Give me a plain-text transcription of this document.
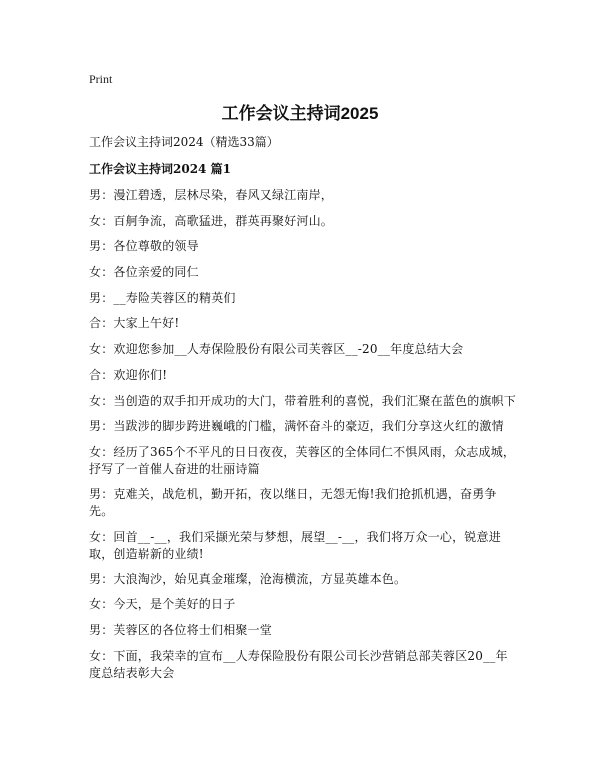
Print
工作会议主持词2025
工作会议主持词2024（精选33篇）
工作会议主持词2024 篇1
男：漫江碧透，层林尽染，春风又绿江南岸，
女：百舸争流，高歌猛进，群英再聚好河山。
男：各位尊敬的领导
女：各位亲爱的同仁
男：__寿险芙蓉区的精英们
合：大家上午好!
女：欢迎您参加__人寿保险股份有限公司芙蓉区__-20__年度总结大会
合：欢迎你们!
女：当创造的双手扣开成功的大门，带着胜利的喜悦，我们汇聚在蓝色的旗帜下
男：当跋涉的脚步跨进巍峨的门槛，满怀奋斗的豪迈，我们分享这火红的激情
女：经历了365个不平凡的日日夜夜，芙蓉区的全体同仁不惧风雨，众志成城，抒写了一首催人奋进的壮丽诗篇
男：克难关，战危机，勤开拓，夜以继日，无怨无悔!我们抢抓机遇，奋勇争先。
女：回首__-__，我们采撷光荣与梦想，展望__-__，我们将万众一心，锐意进取，创造崭新的业绩!
男：大浪淘沙，始见真金璀璨，沧海横流，方显英雄本色。
女：今天，是个美好的日子
男：芙蓉区的各位将士们相聚一堂
女：下面，我荣幸的宣布__人寿保险股份有限公司长沙营销总部芙蓉区20__年度总结表彰大会
